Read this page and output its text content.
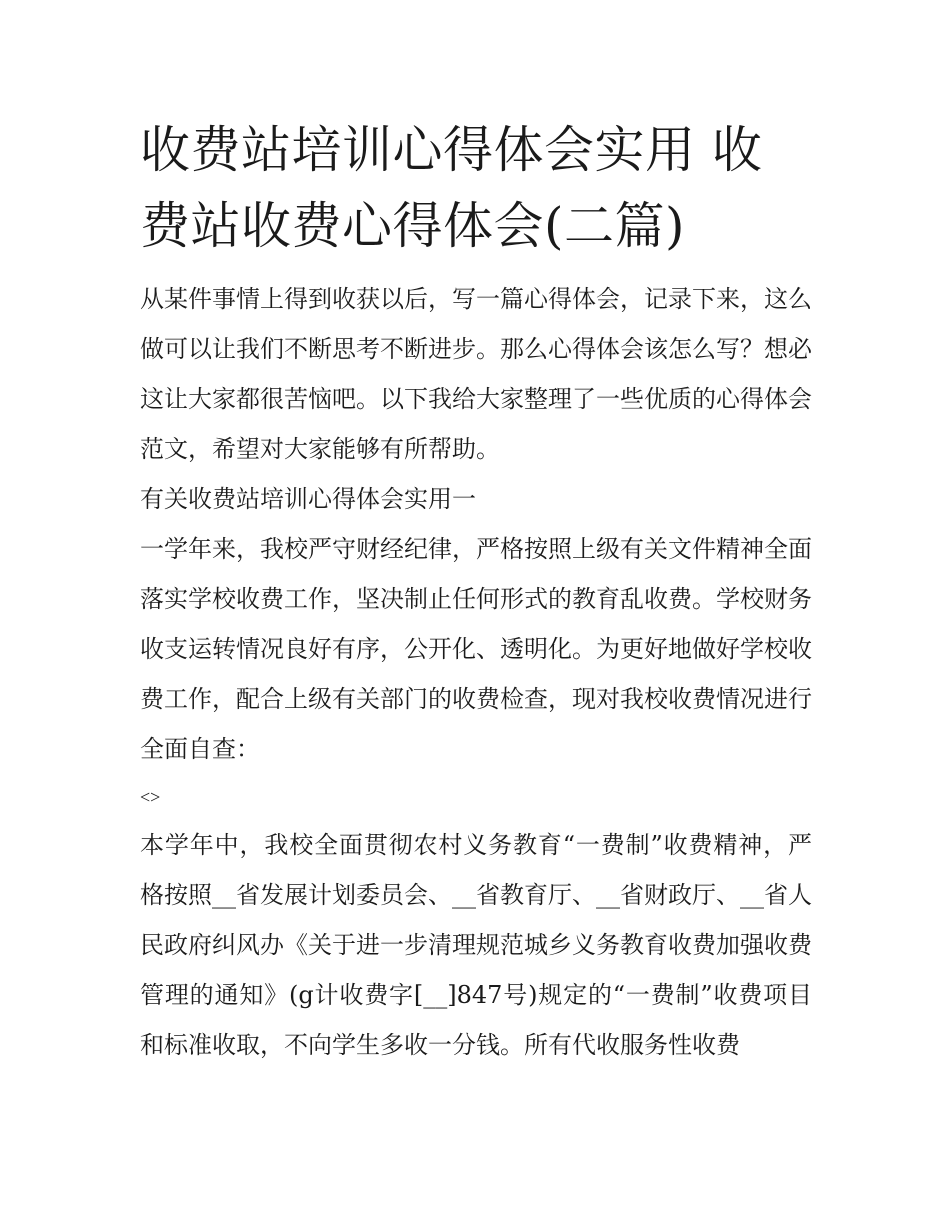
收费站培训心得体会实用 收费站收费心得体会(二篇)

从某件事情上得到收获以后，写一篇心得体会，记录下来，这么做可以让我们不断思考不断进步。那么心得体会该怎么写？想必这让大家都很苦恼吧。以下我给大家整理了一些优质的心得体会范文，希望对大家能够有所帮助。

有关收费站培训心得体会实用一

一学年来，我校严守财经纪律，严格按照上级有关文件精神全面落实学校收费工作，坚决制止任何形式的教育乱收费。学校财务收支运转情况良好有序，公开化、透明化。为更好地做好学校收费工作，配合上级有关部门的收费检查，现对我校收费情况进行全面自查：

<>

本学年中，我校全面贯彻农村义务教育“一费制”收费精神，严格按照__省发展计划委员会、__省教育厅、__省财政厅、__省人民政府纠风办《关于进一步清理规范城乡义务教育收费加强收费管理的通知》(g计收费字[__]847号)规定的“一费制”收费项目和标准收取，不向学生多收一分钱。所有代收服务性收费
